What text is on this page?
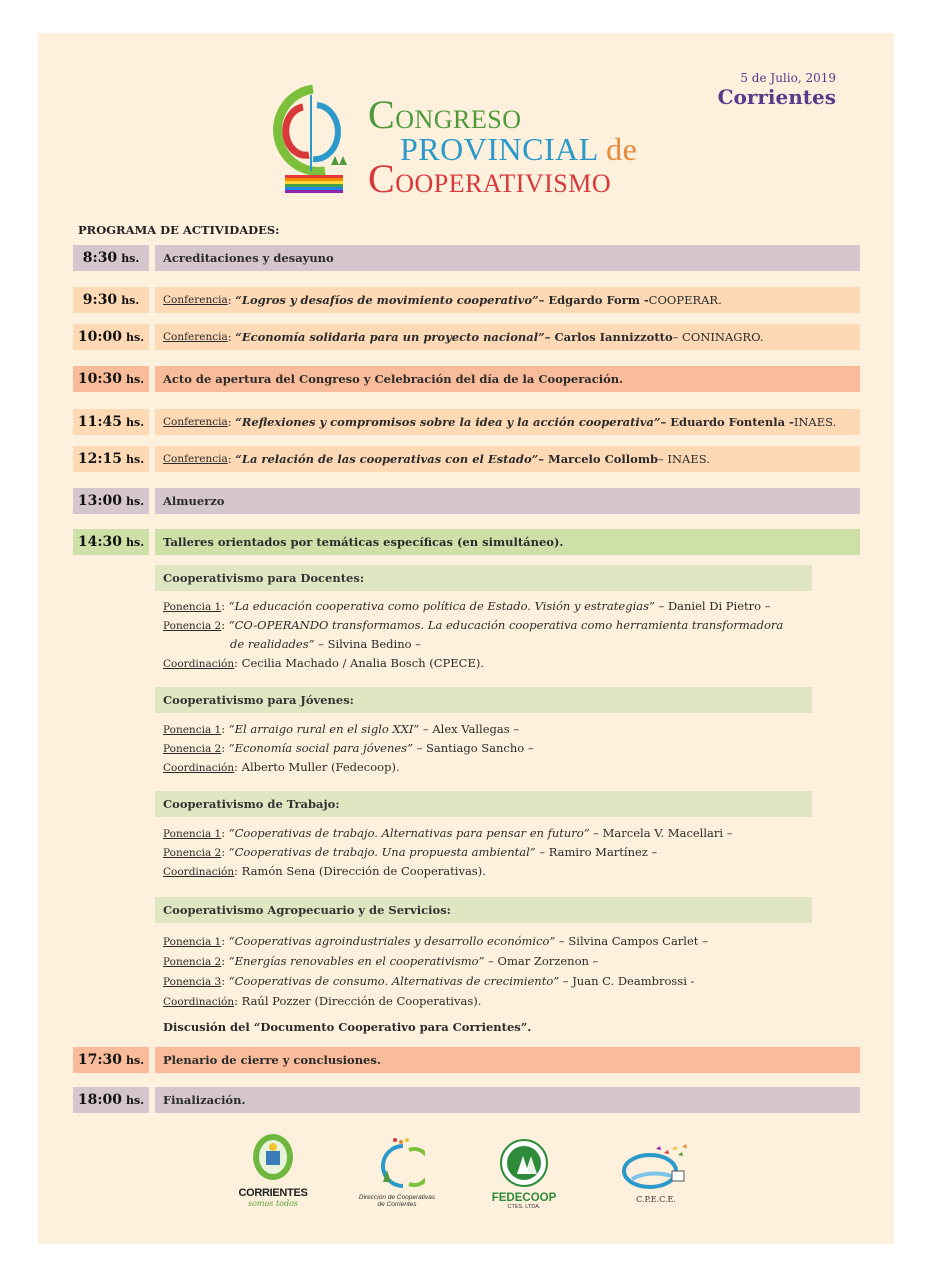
5 de Julio, 2019
Corrientes
CONGRESO
PROVINCIAL de
COOPERATIVISMO
PROGRAMA DE ACTIVIDADES:
8:30 hs.	Acreditaciones y desayuno
9:30 hs. Conferencia : “Logros y desafíos de movimiento cooperativo” – Edgardo Form - COOPERAR.
10:00 hs. Conferencia : “Economía solidaria para un proyecto nacional” – Carlos Iannizzotto – CONINAGRO.
10:30 hs.	Acto de apertura del Congreso y Celebración del día de la Cooperación.
11:45 hs. Conferencia : “Reflexiones y compromisos sobre la idea y la acción cooperativa” – Eduardo Fontenla - INAES.
12:15 hs. Conferencia : “La relación de las cooperativas con el Estado” – Marcelo Collomb – INAES.
13:00 hs.	Almuerzo
14:30 hs.	Talleres orientados por temáticas específicas (en simultáneo).
Cooperativismo para Docentes:
Ponencia 1: “La educación cooperativa como política de Estado. Visión y estrategias” – Daniel Di Pietro –
Ponencia 2: “CO-OPERANDO transformamos. La educación cooperativa como herramienta transformadora
de realidades” – Silvina Bedino –
Coordinación: Cecilia Machado / Analia Bosch (CPECE).
Cooperativismo para Jóvenes:
Ponencia 1: “El arraigo rural en el siglo XXI” – Alex Vallegas –
Ponencia 2: “Economía social para jóvenes” – Santiago Sancho –
Coordinación: Alberto Muller (Fedecoop).
Cooperativismo de Trabajo:
Ponencia 1: “Cooperativas de trabajo. Alternativas para pensar en futuro” – Marcela V. Macellari –
Ponencia 2: “Cooperativas de trabajo. Una propuesta ambiental” – Ramiro Martínez –
Coordinación: Ramón Sena (Dirección de Cooperativas).
Cooperativismo Agropecuario y de Servicios:
Ponencia 1: “Cooperativas agroindustriales y desarrollo económico” – Silvina Campos Carlet –
Ponencia 2: “Energías renovables en el cooperativismo” – Omar Zorzenon –
Ponencia 3: “Cooperativas de consumo. Alternativas de crecimiento” – Juan C. Deambrossi -
Coordinación: Raúl Pozzer (Dirección de Cooperativas).
Discusión del “Documento Cooperativo para Corrientes”.
17:30 hs.	Plenario de cierre y conclusiones.
18:00 hs.	Finalización.
CORRIENTES
somos todos
Dirección de Cooperativas
de Corrientes
FEDECOOP
CTES. LTDA.
C.P.E.C.E.
